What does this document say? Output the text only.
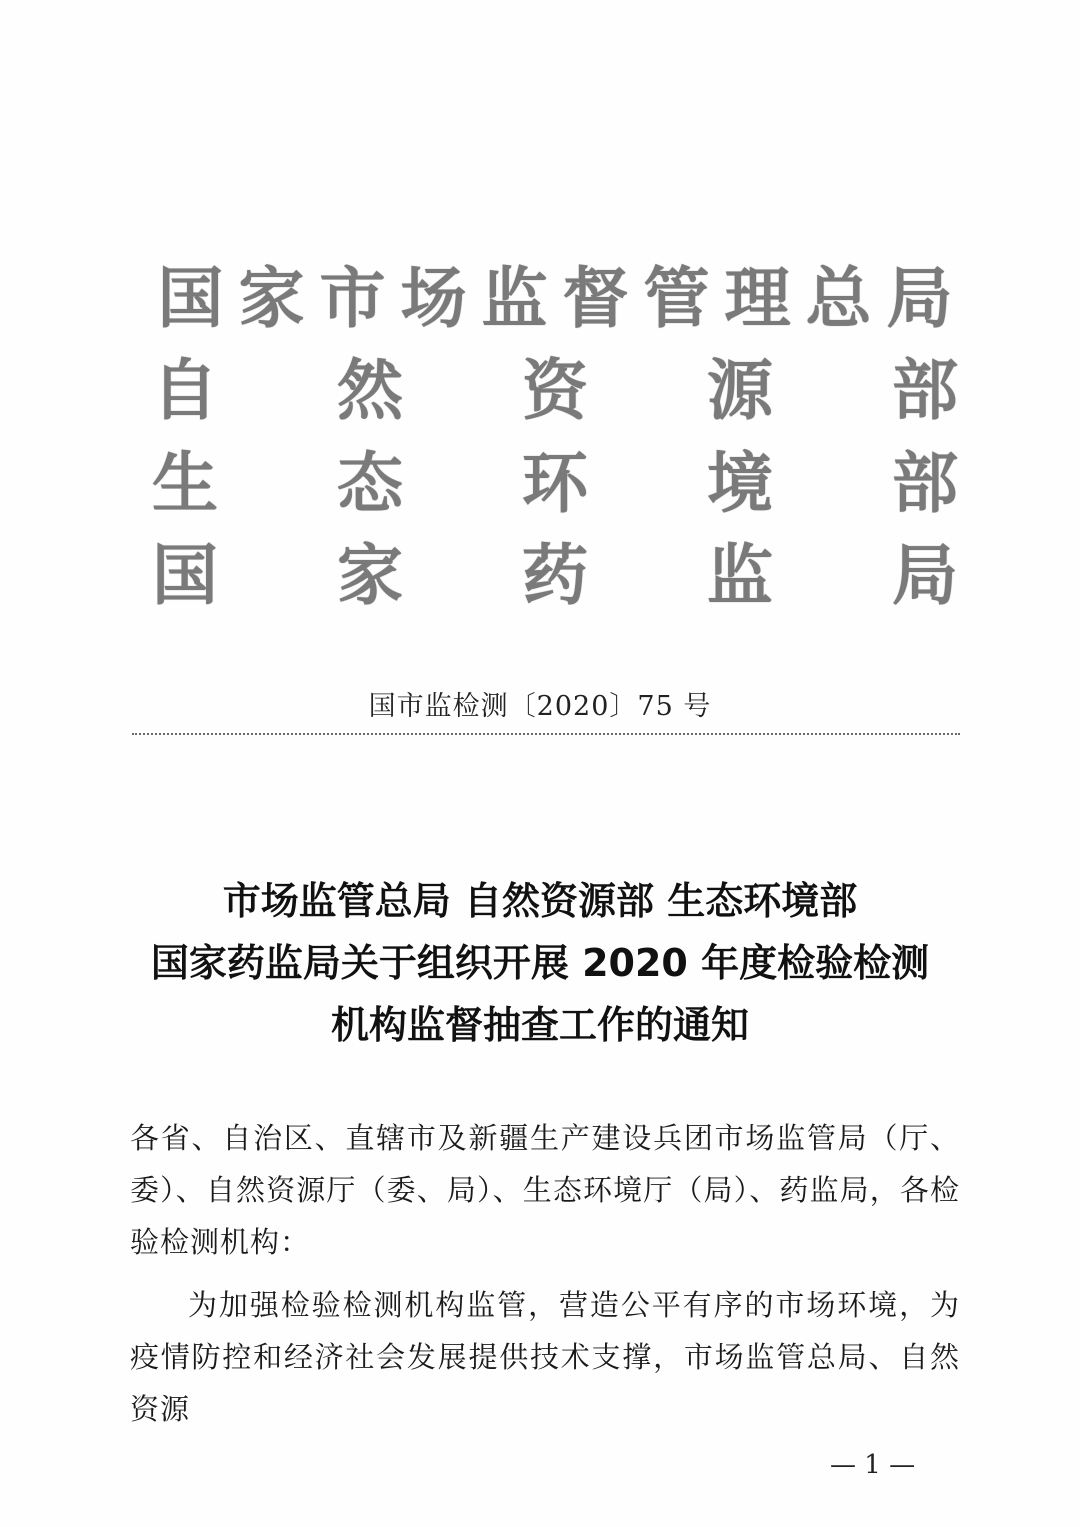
国 家 市 场 监 督 管 理 总 局
自 然 资 源 部
生 态 环 境 部
国 家 药 监 局
国市监检测〔2020〕75 号
市场监管总局 自然资源部 生态环境部
国家药监局关于组织开展 2020 年度检验检测
机构监督抽查工作的通知
各省、自治区、直辖市及新疆生产建设兵团市场监管局（厅、委）、自然资源厅（委、局）、生态环境厅（局）、药监局，各检验检测机构：
为加强检验检测机构监管，营造公平有序的市场环境，为疫情防控和经济社会发展提供技术支撑，市场监管总局、自然资源
— 1 —
